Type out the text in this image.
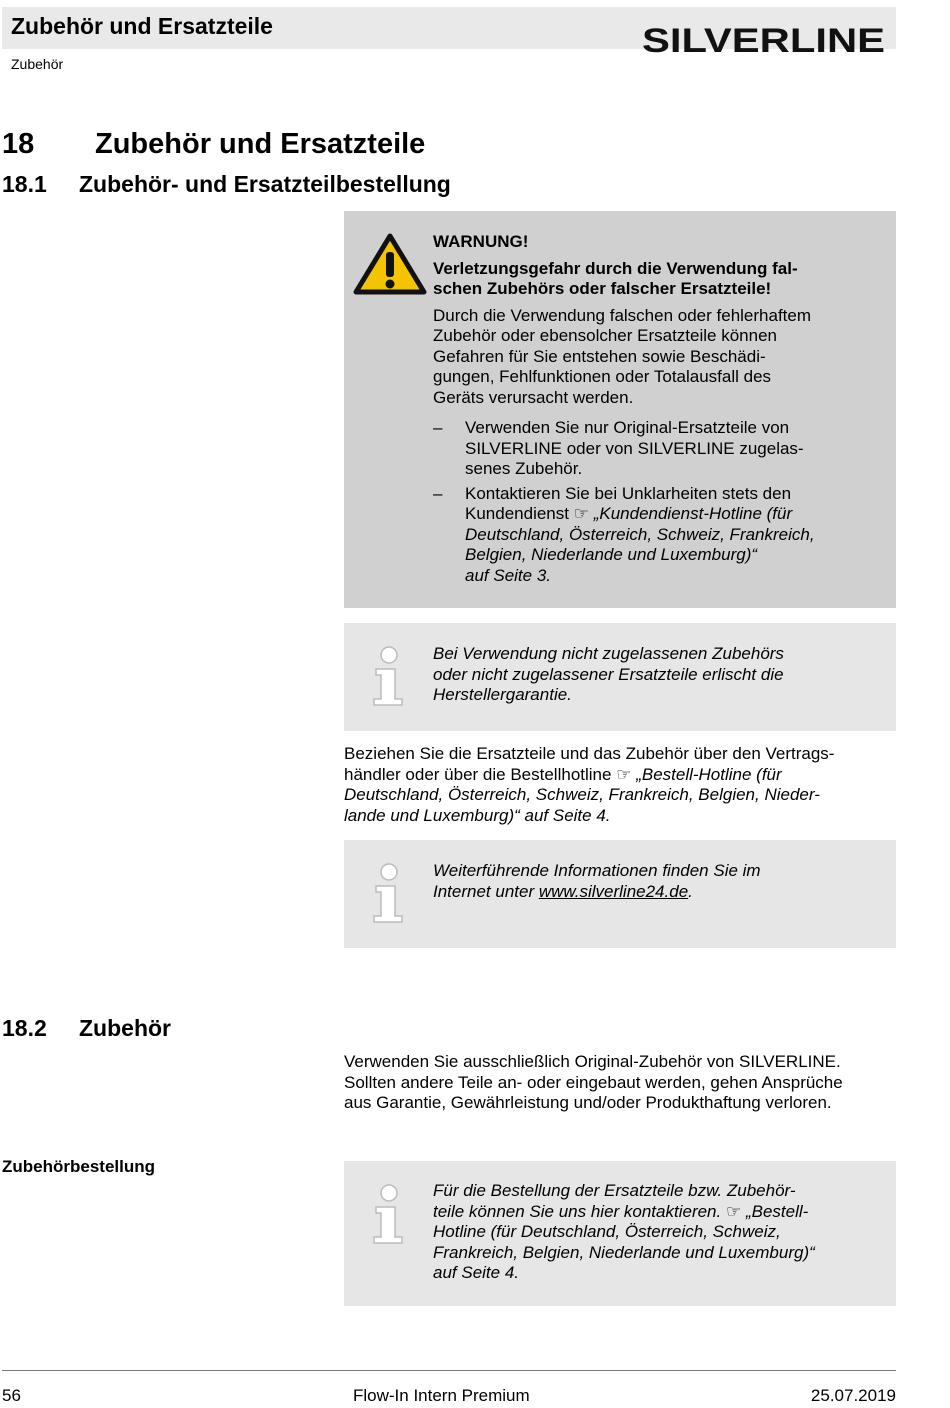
Zubehör und Ersatzteile
Zubehör
SILVERLINE
18 Zubehör und Ersatzteile
18.1 Zubehör- und Ersatzteilbestellung
WARNUNG!
Verletzungsgefahr durch die Verwendung fal-
schen Zubehörs oder falscher Ersatzteile!
Durch die Verwendung falschen oder fehlerhaftem
Zubehör oder ebensolcher Ersatzteile können
Gefahren für Sie entstehen sowie Beschädi-
gungen, Fehlfunktionen oder Totalausfall des
Geräts verursacht werden.
– Verwenden Sie nur Original-Ersatzteile von
SILVERLINE oder von SILVERLINE zugelas-
senes Zubehör.
– Kontaktieren Sie bei Unklarheiten stets den
Kundendienst ☞ „Kundendienst-Hotline (für
Deutschland, Österreich, Schweiz, Frankreich,
Belgien, Niederlande und Luxemburg)“
auf Seite 3.
Bei Verwendung nicht zugelassenen Zubehörs
oder nicht zugelassener Ersatzteile erlischt die
Herstellergarantie.
Beziehen Sie die Ersatzteile und das Zubehör über den Vertrags-
händler oder über die Bestellhotline ☞ „Bestell-Hotline (für
Deutschland, Österreich, Schweiz, Frankreich, Belgien, Nieder-
lande und Luxemburg)“ auf Seite 4.
Weiterführende Informationen finden Sie im
Internet unter www.silverline24.de.
18.2 Zubehör
Verwenden Sie ausschließlich Original-Zubehör von SILVERLINE.
Sollten andere Teile an- oder eingebaut werden, gehen Ansprüche
aus Garantie, Gewährleistung und/oder Produkthaftung verloren.
Zubehörbestellung
Für die Bestellung der Ersatzteile bzw. Zubehör-
teile können Sie uns hier kontaktieren. ☞ „Bestell-
Hotline (für Deutschland, Österreich, Schweiz,
Frankreich, Belgien, Niederlande und Luxemburg)“
auf Seite 4.
56	Flow-In Intern Premium	25.07.2019
